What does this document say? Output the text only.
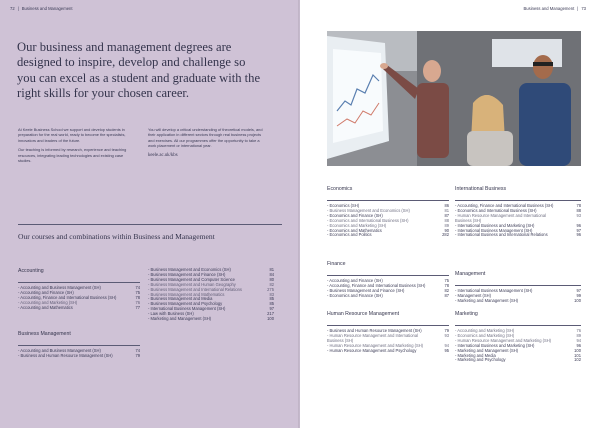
72 | Business and Management
Our business and management degrees are designed to inspire, develop and challenge so you can excel as a student and graduate with the right skills for your chosen career.

At Keele Business School we support and develop students in preparation for the real world, ready to become the specialists, innovators and leaders of the future.

Our teaching is informed by research, experience and teaching resources, integrating leading technologies and existing case studies.

You will develop a critical understanding of theoretical models, and their application in different sectors through real business projects and exercises. All our programmes offer the opportunity to take a work placement or international year.

keele.ac.uk/kbs
Our courses and combinations within Business and Management
Accounting
- Accounting and Business Management (SH)	74
- Accounting and Finance (SH)	75
- Accounting, Finance and International Business (SH)	78
- Accounting and Marketing (SH)	76
- Accounting and Mathematics	77
Business Management
- Accounting and Business Management (SH)	74
- Business and Human Resource Management (SH)	79
- Business Management and Economics (SH)	81
- Business Management and Finance (SH)	84
- Business Management and Computer Science	80
- Business Management and Human Geography	82
- Business Management and International Relations	275
- Business Management and Mathematics	83
- Business Management and Media	85
- Business Management and Psychology	85
- International Business Management (SH)	97
- Law with Business (SH)	217
- Marketing and Management (SH)	100
Business and Management | 73
Economics
- Economics (SH)	86
- Business Management and Economics (SH)	81
- Economics and Finance (SH)	87
- Economics and International Business (SH)	88
- Economics and Marketing (SH)	89
- Economics and Mathematics	90
- Economics and Politics	282
Finance
- Accounting and Finance (SH)	75
- Accounting, Finance and International Business (SH)	78
- Business Management and Finance (SH)	82
- Economics and Finance (SH)	87
Human Resource Management
- Business and Human Resource Management (SH)	79
- Human Resource Management and International Business (SH)
93
- Human Resource Management and Marketing (SH)	94
- Human Resource Management and Psychology	95
International Business
- Accounting, Finance and International Business (SH)	78
- Economics and International Business (SH)	88
- Human Resource Management and International Business (SH)
93
- International Business and Marketing (SH)	96
- International Business Management (SH)	97
- International Business and International Relations	96
Management
- International Business Management (SH)	97
- Management (SH)	99
- Marketing and Management (SH)	100
Marketing
- Accounting and Marketing (SH)	76
- Economics and Marketing (SH)	89
- Human Resource Management and Marketing (SH)	94
- International Business and Marketing (SH)	96
- Marketing and Management (SH)	100
- Marketing and Media	101
- Marketing and Psychology	102
